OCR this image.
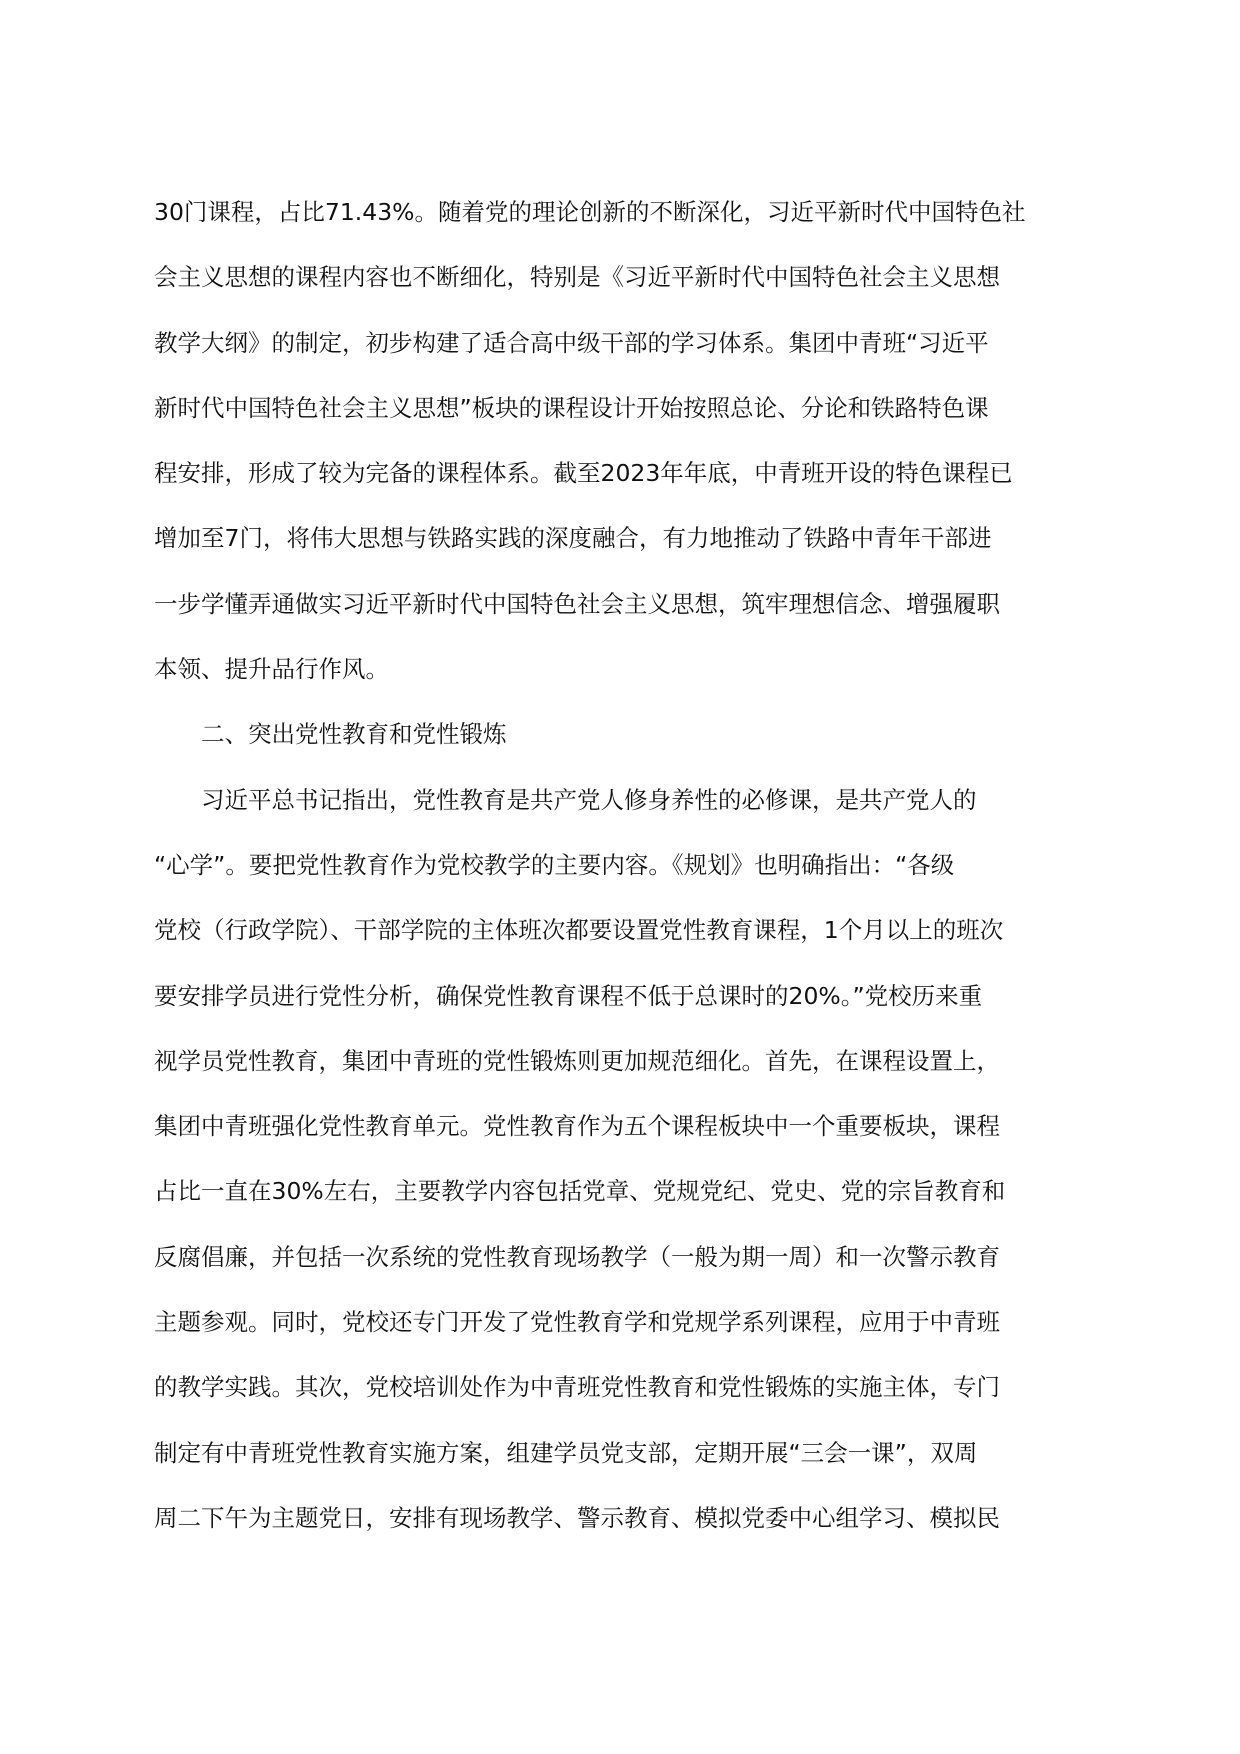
30门课程，占比71.43%。随着党的理论创新的不断深化，习近平新时代中国特色社
会主义思想的课程内容也不断细化，特别是《习近平新时代中国特色社会主义思想
教学大纲》的制定，初步构建了适合高中级干部的学习体系。集团中青班“习近平
新时代中国特色社会主义思想”板块的课程设计开始按照总论、分论和铁路特色课
程安排，形成了较为完备的课程体系。截至2023年年底，中青班开设的特色课程已
增加至7门，将伟大思想与铁路实践的深度融合，有力地推动了铁路中青年干部进
一步学懂弄通做实习近平新时代中国特色社会主义思想，筑牢理想信念、增强履职
本领、提升品行作风。
二、突出党性教育和党性锻炼
习近平总书记指出，党性教育是共产党人修身养性的必修课，是共产党人的
“心学”。要把党性教育作为党校教学的主要内容。《规划》也明确指出：“各级
党校（行政学院）、干部学院的主体班次都要设置党性教育课程，1个月以上的班次
要安排学员进行党性分析，确保党性教育课程不低于总课时的20%。”党校历来重
视学员党性教育，集团中青班的党性锻炼则更加规范细化。首先，在课程设置上，
集团中青班强化党性教育单元。党性教育作为五个课程板块中一个重要板块，课程
占比一直在30%左右，主要教学内容包括党章、党规党纪、党史、党的宗旨教育和
反腐倡廉，并包括一次系统的党性教育现场教学（一般为期一周）和一次警示教育
主题参观。同时，党校还专门开发了党性教育学和党规学系列课程，应用于中青班
的教学实践。其次，党校培训处作为中青班党性教育和党性锻炼的实施主体，专门
制定有中青班党性教育实施方案，组建学员党支部，定期开展“三会一课”，双周
周二下午为主题党日，安排有现场教学、警示教育、模拟党委中心组学习、模拟民
